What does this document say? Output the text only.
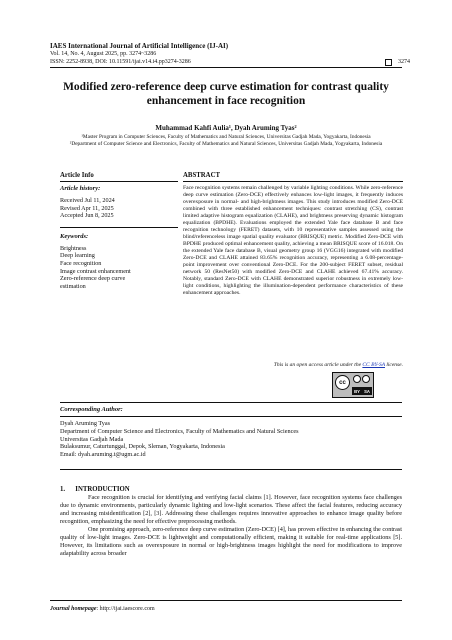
IAES International Journal of Artificial Intelligence (IJ-AI)
Vol. 14, No. 4, August 2025, pp. 3274~3286
ISSN: 2252-8938, DOI: 10.11591/ijai.v14.i4.pp3274-3286	3274
Modified zero-reference deep curve estimation for contrast quality enhancement in face recognition
Muhammad Kahfi Aulia¹, Dyah Aruming Tyas²
¹Master Program in Computer Sciences, Faculty of Mathematics and Natural Sciences, Universitas Gadjah Mada, Yogyakarta, Indonesia
²Department of Computer Science and Electronics, Faculty of Mathematics and Natural Sciences, Universitas Gadjah Mada, Yogyakarta, Indonesia
Article Info
Article history:
Received Jul 11, 2024
Revised Apr 11, 2025
Accepted Jun 8, 2025
Keywords:
Brightness
Deep learning
Face recognition
Image contrast enhancement
Zero-reference deep curve
estimation
ABSTRACT
Face recognition systems remain challenged by variable lighting conditions. While zero-reference deep curve estimation (Zero-DCE) effectively enhances low-light images, it frequently induces overexposure in normal- and high-brightness images. This study introduces modified Zero-DCE combined with three established enhancement techniques: contrast stretching (CS), contrast limited adaptive histogram equalization (CLAHE), and brightness preserving dynamic histogram equalization (BPDHE). Evaluations employed the extended Yale face database B and face recognition technology (FERET) datasets, with 10 representative samples assessed using the blind/referenceless image spatial quality evaluator (BRISQUE) metric. Modified Zero-DCE with BPDHE produced optimal enhancement quality, achieving a mean BRISQUE score of 16.018. On the extended Yale face database B, visual geometry group 16 (VGG16) integrated with modified Zero-DCE and CLAHE attained 83.65% recognition accuracy, representing a 6.08-percentage-point improvement over conventional Zero-DCE. For the 200-subject FERET subset, residual network 50 (ResNet50) with modified Zero-DCE and CLAHE achieved 67.41% accuracy. Notably, standard Zero-DCE with CLAHE demonstrated superior robustness in extremely low-light conditions, highlighting the illumination-dependent performance characteristics of these enhancement approaches.
This is an open access article under the CC BY-SA license.
cc
BY SA
Corresponding Author:
Dyah Aruming Tyas
Department of Computer Science and Electronics, Faculty of Mathematics and Natural Sciences
Universitas Gadjah Mada
Bulaksumur, Caturtunggal, Depok, Sleman, Yogyakarta, Indonesia
Email: dyah.aruming.t@ugm.ac.id
1.      INTRODUCTION

Face recognition is crucial for identifying and verifying facial claims [1]. However, face recognition systems face challenges due to dynamic environments, particularly dynamic lighting and low-light scenarios. These affect the facial features, reducing accuracy and increasing misidentification [2], [3]. Addressing these challenges requires innovative approaches to enhance image quality before recognition, emphasizing the need for effective preprocessing methods.

One promising approach, zero-reference deep curve estimation (Zero-DCE) [4], has proven effective in enhancing the contrast quality of low-light images. Zero-DCE is lightweight and computationally efficient, making it suitable for real-time applications [5]. However, its limitations such as overexposure in normal or high-brightness images highlight the need for modifications to improve adaptability across broader

Journal homepage: http://ijai.iaescore.com
